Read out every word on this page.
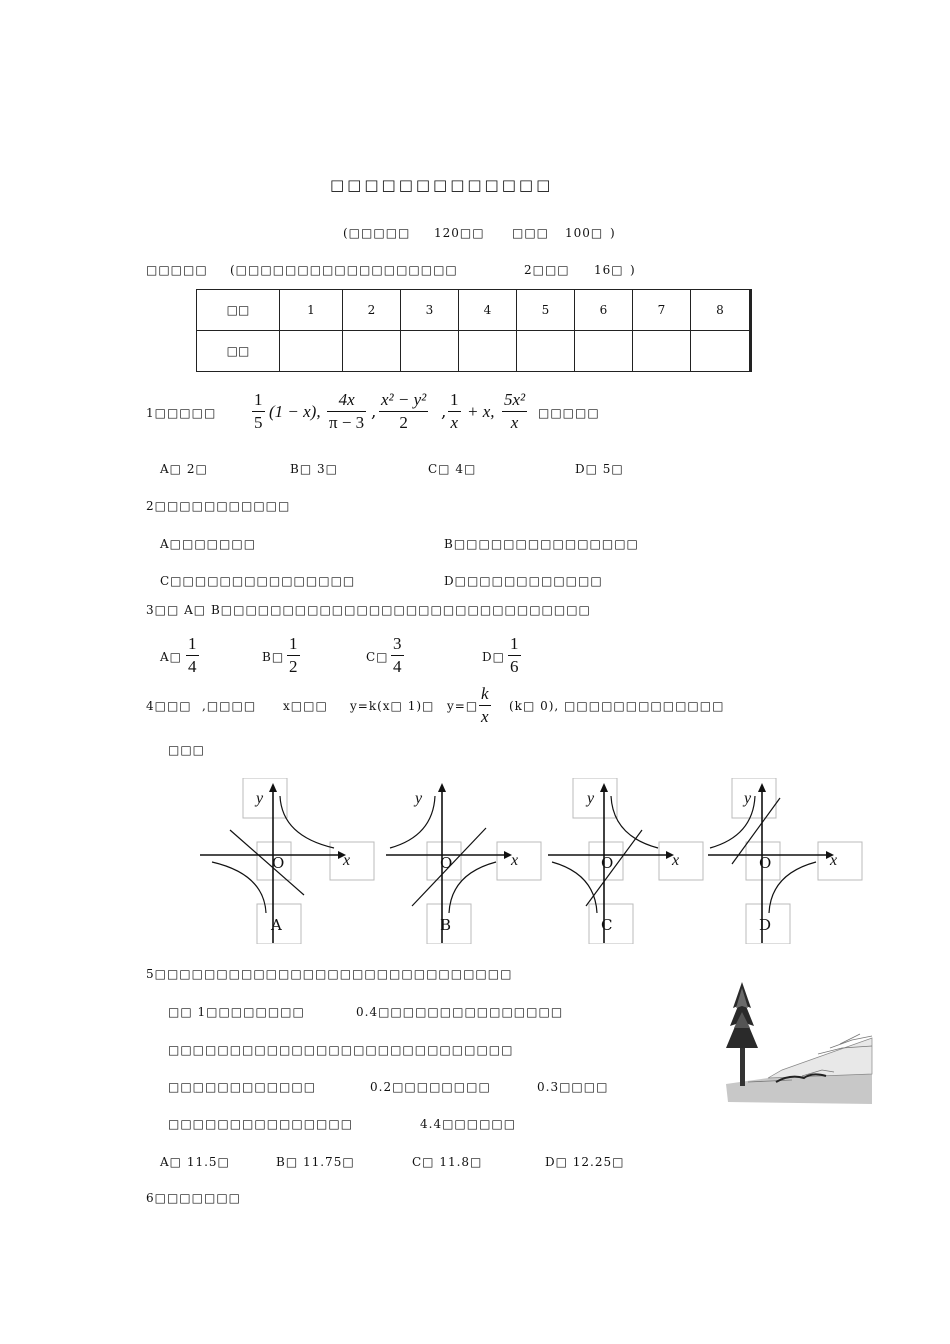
□□□□□□□□□□□□□
(□□□□□ 120□□ □□□ 100□ )
□□□□□ (□□□□□□□□□□□□□□□□□□	2□□□ 16□ )
□□	1	2	3	4	5	6	7	8
□□								
1□□□□□ $\frac{1}{5} (1 - x)$, $\frac{4x}{\pi - 3}$ , $\frac{\text{x² − y²}}{2}$ , $\frac{1}{x} + x$, $\frac{\text{5x²}}{x}$ □□□□□
A□ 2□	B□ 3□	C□ 4□	D□ 5□
2□□□□□□□□□□□
A□□□□□□□	B□□□□□□□□□□□□□□□
C□□□□□□□□□□□□□□□	D□□□□□□□□□□□□
3□□ A□ B□□□□□□□□□□□□□□□□□□□□□□□□□□□□□□
A□ $\frac{1}{4}$	B□ $\frac{1}{2}$	C□ $\frac{3}{4}$	D□ $\frac{1}{6}$
4□□□ ,□□□□ x□□□ y=k(x□ 1)□ y=□ $\frac{k}{x}$ (k□ 0), □□□□□□□□□□□□□
□□□
y
O	x
A
y
O	x
B
y
O	x
C
y
O	x
D
5□□□□□□□□□□□□□□□□□□□□□□□□□□□□□
□□ 1□□□□□□□□	0.4□□□□□□□□□□□□□□□
□□□□□□□□□□□□□□□□□□□□□□□□□□□□
□□□□□□□□□□□□	0.2□□□□□□□□	0.3□□□□
□□□□□□□□□□□□□□□	4.4□□□□□□
A□ 11.5□	B□ 11.75□	C□ 11.8□	D□ 12.25□
6□□□□□□□
